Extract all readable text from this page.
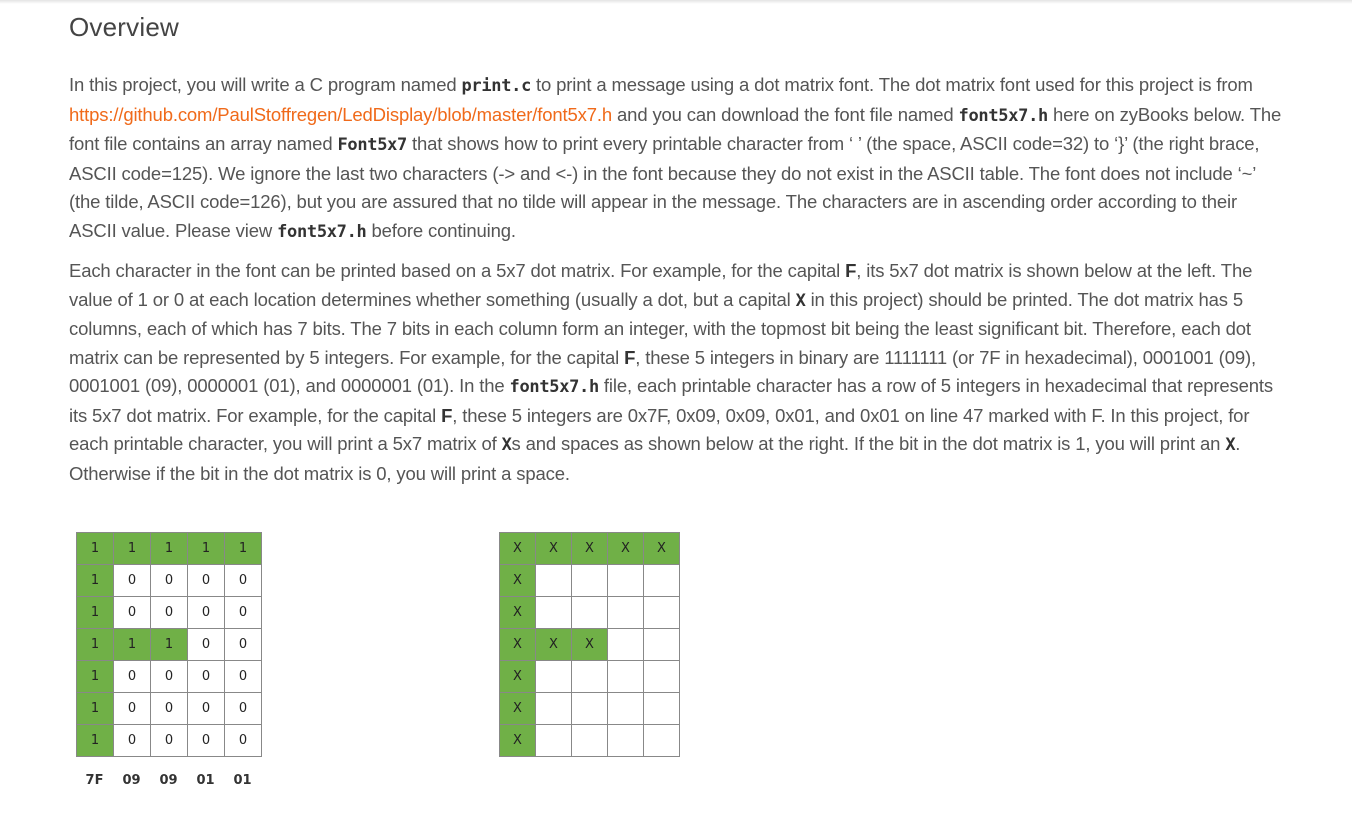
Overview

In this project, you will write a C program named print.c to print a message using a dot matrix font. The dot matrix font used for this project is from https://github.com/PaulStoffregen/LedDisplay/blob/master/font5x7.h and you can download the font file named font5x7.h here on zyBooks below. The font file contains an array named Font5x7 that shows how to print every printable character from ‘ ’ (the space, ASCII code=32) to ‘}’ (the right brace, ASCII code=125). We ignore the last two characters (-> and <-) in the font because they do not exist in the ASCII table. The font does not include ‘~’ (the tilde, ASCII code=126), but you are assured that no tilde will appear in the message. The characters are in ascending order according to their ASCII value. Please view font5x7.h before continuing.

Each character in the font can be printed based on a 5x7 dot matrix. For example, for the capital F, its 5x7 dot matrix is shown below at the left. The value of 1 or 0 at each location determines whether something (usually a dot, but a capital X in this project) should be printed. The dot matrix has 5 columns, each of which has 7 bits. The 7 bits in each column form an integer, with the topmost bit being the least significant bit. Therefore, each dot matrix can be represented by 5 integers. For example, for the capital F, these 5 integers in binary are 1111111 (or 7F in hexadecimal), 0001001 (09), 0001001 (09), 0000001 (01), and 0000001 (01). In the font5x7.h file, each printable character has a row of 5 integers in hexadecimal that represents its 5x7 dot matrix. For example, for the capital F, these 5 integers are 0x7F, 0x09, 0x09, 0x01, and 0x01 on line 47 marked with F. In this project, for each printable character, you will print a 5x7 matrix of Xs and spaces as shown below at the right. If the bit in the dot matrix is 1, you will print an X. Otherwise if the bit in the dot matrix is 0, you will print a space.

1	1	1	1	1
1	0	0	0	0
1	0	0	0	0
1	1	1	0	0
1	0	0	0	0
1	0	0	0	0
1	0	0	0	0
X	X	X	X	X
X				
X				
X	X	X		
X				
X				
X				
7F	09	09	01	01
